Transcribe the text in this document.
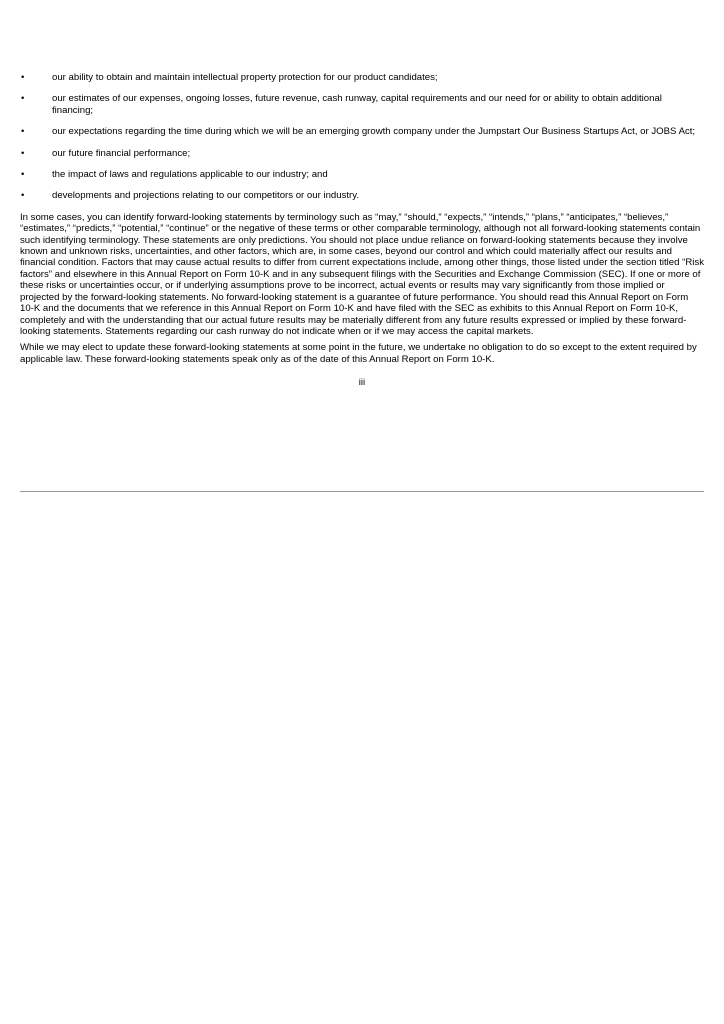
•	our ability to obtain and maintain intellectual property protection for our product candidates;
•	our estimates of our expenses, ongoing losses, future revenue, cash runway, capital requirements and our need for or ability to obtain additional financing;
•	our expectations regarding the time during which we will be an emerging growth company under the Jumpstart Our Business Startups Act, or JOBS Act;
•	our future financial performance;
•	the impact of laws and regulations applicable to our industry; and
•	developments and projections relating to our competitors or our industry.

In some cases, you can identify forward-looking statements by terminology such as “may,” “should,” “expects,” “intends,” “plans,” “anticipates,” “believes,” “estimates,” “predicts,” “potential,” “continue” or the negative of these terms or other comparable terminology, although not all forward-looking statements contain such identifying terminology. These statements are only predictions. You should not place undue reliance on forward-looking statements because they involve known and unknown risks, uncertainties, and other factors, which are, in some cases, beyond our control and which could materially affect our results and financial condition. Factors that may cause actual results to differ from current expectations include, among other things, those listed under the section titled “Risk factors” and elsewhere in this Annual Report on Form 10-K and in any subsequent filings with the Securities and Exchange Commission (SEC). If one or more of these risks or uncertainties occur, or if underlying assumptions prove to be incorrect, actual events or results may vary significantly from those implied or projected by the forward-looking statements. No forward-looking statement is a guarantee of future performance. You should read this Annual Report on Form 10-K and the documents that we reference in this Annual Report on Form 10-K and have filed with the SEC as exhibits to this Annual Report on Form 10-K, completely and with the understanding that our actual future results may be materially different from any future results expressed or implied by these forward-looking statements. Statements regarding our cash runway do not indicate when or if we may access the capital markets.

While we may elect to update these forward-looking statements at some point in the future, we undertake no obligation to do so except to the extent required by applicable law. These forward-looking statements speak only as of the date of this Annual Report on Form 10-K.

iii
